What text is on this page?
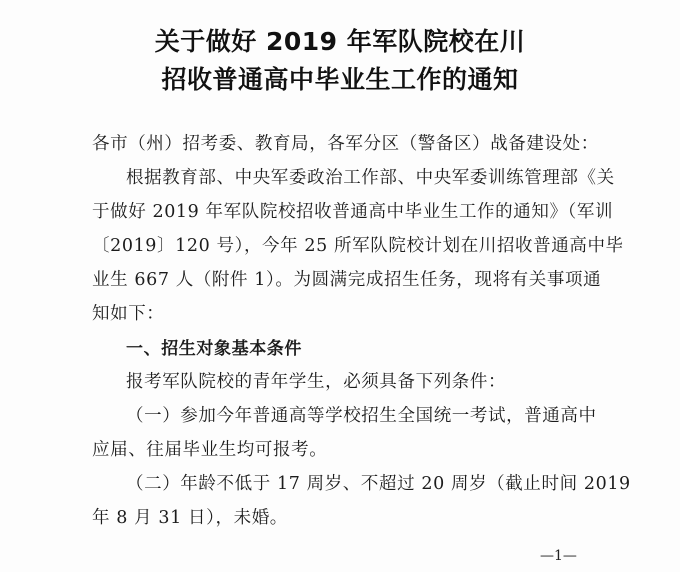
关于做好 2019 年军队院校在川
招收普通高中毕业生工作的通知
各市（州）招考委、教育局，各军分区（警备区）战备建设处：
根据教育部、中央军委政治工作部、中央军委训练管理部《关
于做好 2019 年军队院校招收普通高中毕业生工作的通知》（军训
〔2019〕120 号），今年 25 所军队院校计划在川招收普通高中毕
业生 667 人（附件 1）。为圆满完成招生任务，现将有关事项通
知如下：
一、招生对象基本条件
报考军队院校的青年学生，必须具备下列条件：
（一）参加今年普通高等学校招生全国统一考试，普通高中
应届、往届毕业生均可报考。
（二）年龄不低于 17 周岁、不超过 20 周岁（截止时间 2019
年 8 月 31 日），未婚。
—1—
